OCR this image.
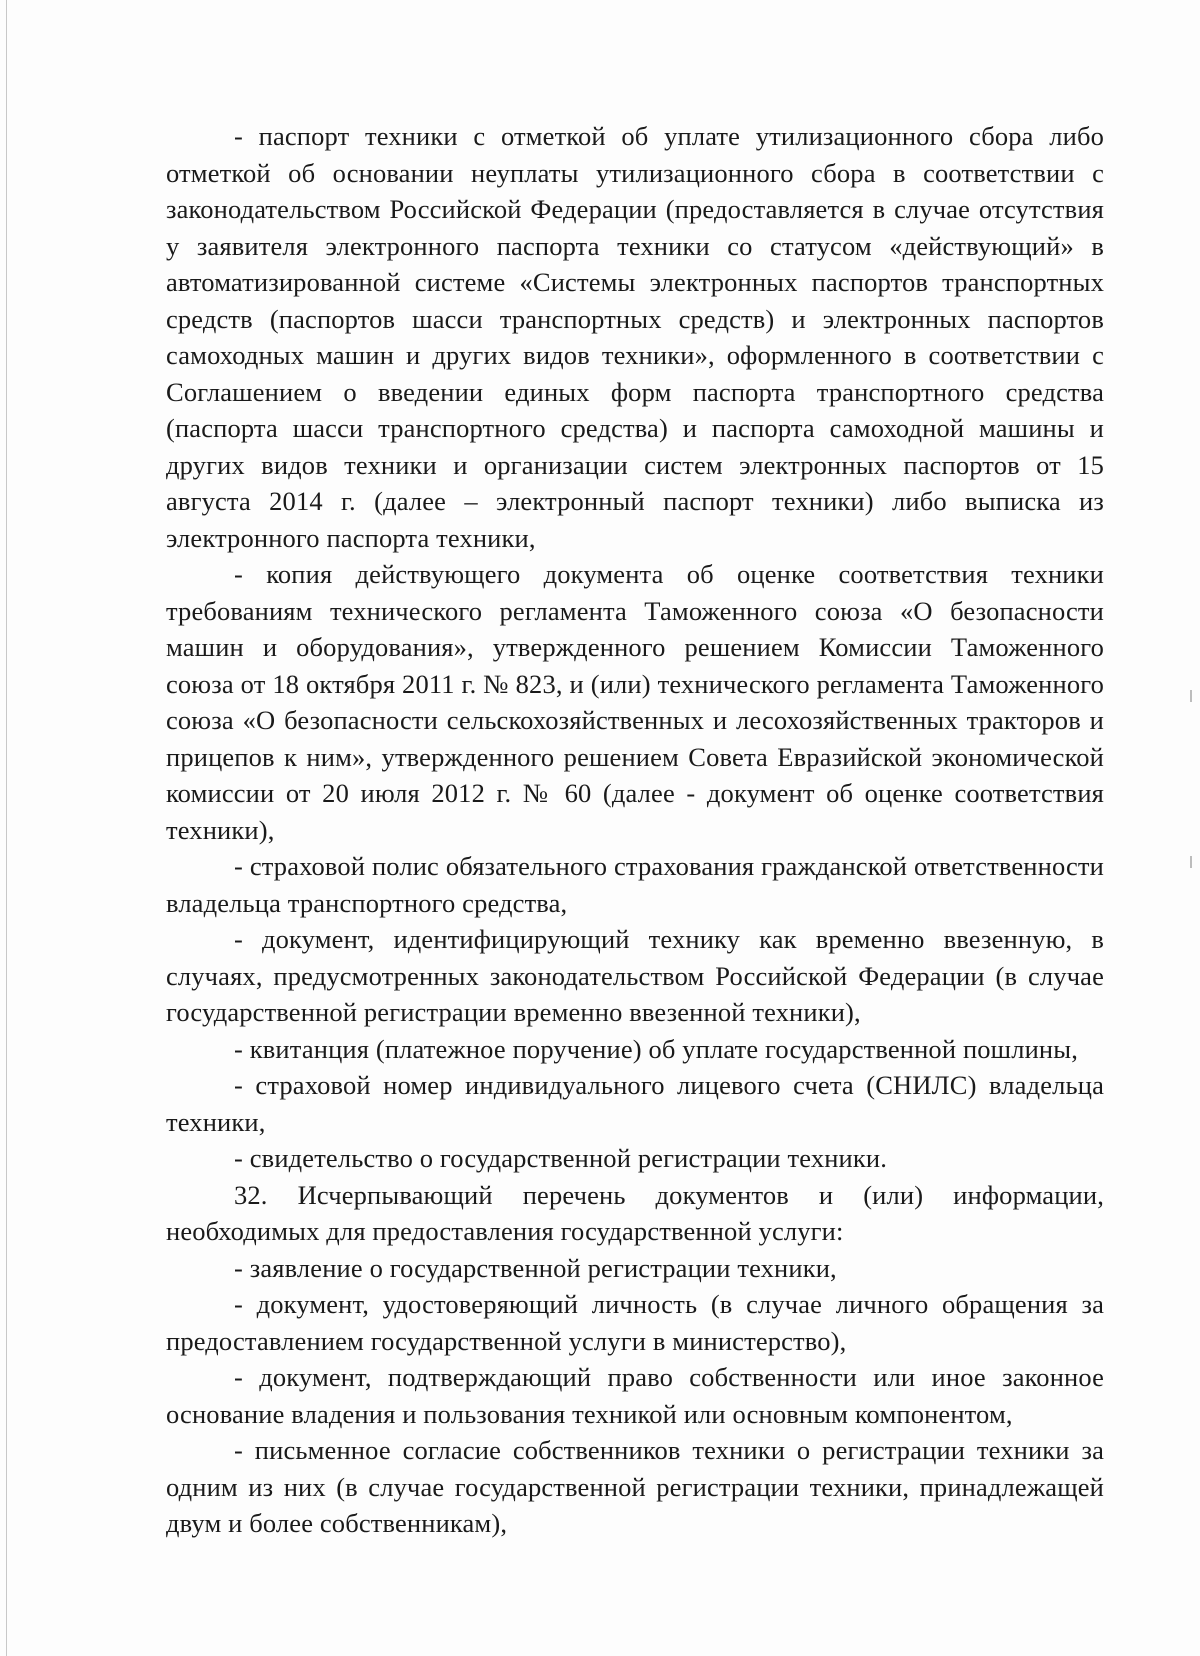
- паспорт техники с отметкой об уплате утилизационного сбора либо отметкой об основании неуплаты утилизационного сбора в соответствии с законодательством Российской Федерации (предоставляется в случае отсутствия у заявителя электронного паспорта техники со статусом «действующий» в автоматизированной системе «Системы электронных паспортов транспортных средств (паспортов шасси транспортных средств) и электронных паспортов самоходных машин и других видов техники», оформленного в соответствии с Соглашением о введении единых форм паспорта транспортного средства (паспорта шасси транспортного средства) и паспорта самоходной машины и других видов техники и организации систем электронных паспортов от 15 августа 2014 г. (далее – электронный паспорт техники) либо выписка из электронного паспорта техники,

- копия действующего документа об оценке соответствия техники требованиям технического регламента Таможенного союза «О безопасности машин и оборудования», утвержденного решением Комиссии Таможенного союза от 18 октября 2011 г. № 823, и (или) технического регламента Таможенного союза «О безопасности сельскохозяйственных и лесохозяйственных тракторов и прицепов к ним», утвержденного решением Совета Евразийской экономической комиссии от 20 июля 2012 г. № 60 (далее - документ об оценке соответствия техники),

- страховой полис обязательного страхования гражданской ответственности владельца транспортного средства,

- документ, идентифицирующий технику как временно ввезенную, в случаях, предусмотренных законодательством Российской Федерации (в случае государственной регистрации временно ввезенной техники),

- квитанция (платежное поручение) об уплате государственной пошлины,

- страховой номер индивидуального лицевого счета (СНИЛС) владельца техники,

- свидетельство о государственной регистрации техники.

32. Исчерпывающий перечень документов и (или) информации, необходимых для предоставления государственной услуги:

- заявление о государственной регистрации техники,

- документ, удостоверяющий личность (в случае личного обращения за предоставлением государственной услуги в министерство),

- документ, подтверждающий право собственности или иное законное основание владения и пользования техникой или основным компонентом,

- письменное согласие собственников техники о регистрации техники за одним из них (в случае государственной регистрации техники, принадлежащей двум и более собственникам),
